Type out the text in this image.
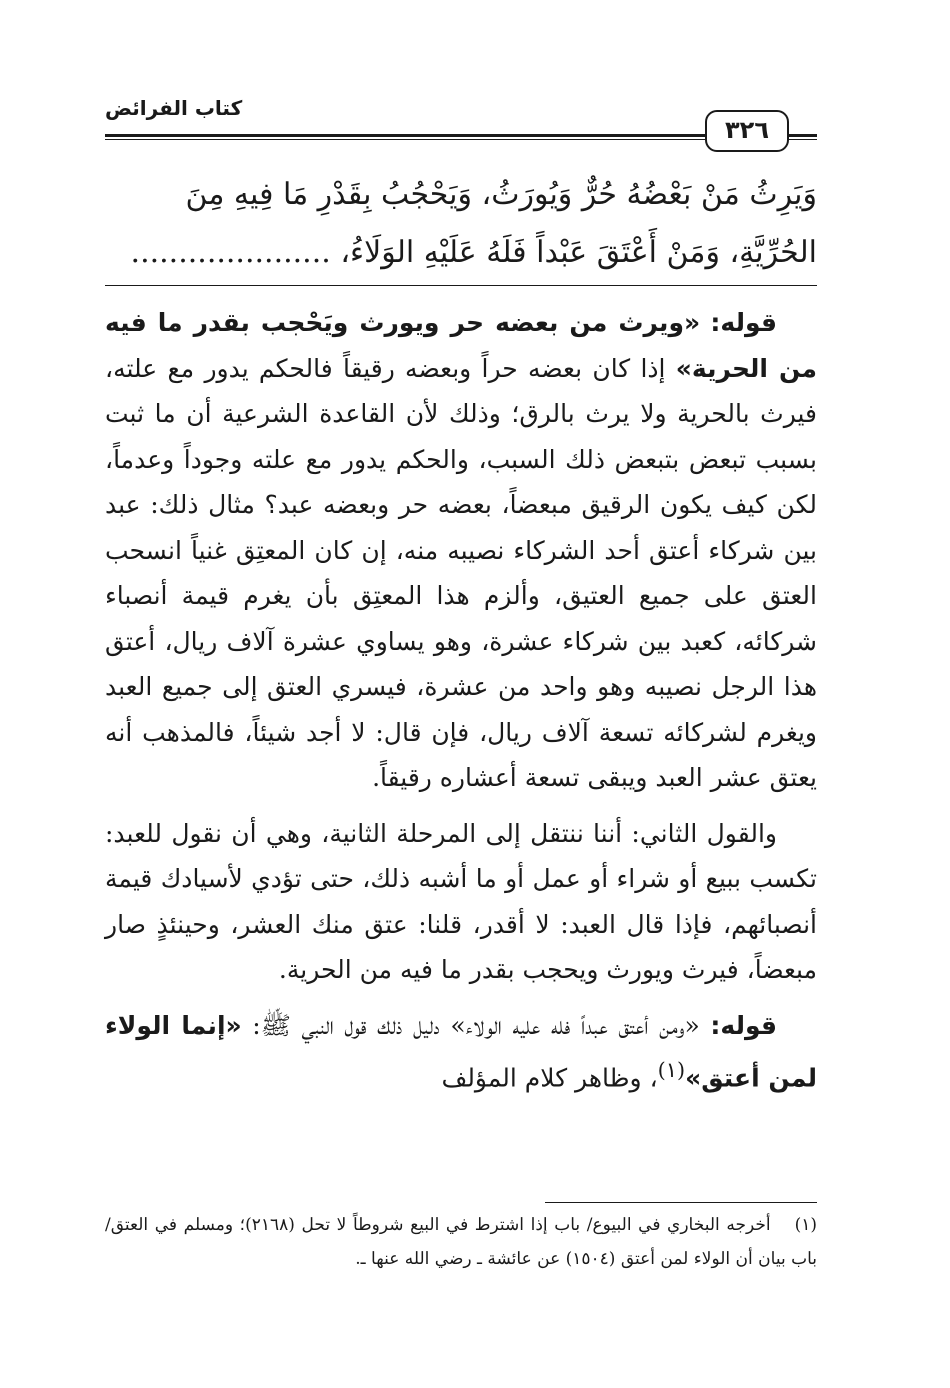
كتاب الفرائض
٣٢٦
وَيَرِثُ مَنْ بَعْضُهُ حُرٌّ وَيُورَثُ، وَيَحْجُبُ بِقَدْرِ مَا فِيهِ مِنَ
الحُرِّيَّةِ، وَمَنْ أَعْتَقَ عَبْداً فَلَهُ عَلَيْهِ الوَلَاءُ، .....................

قوله: «ويرث من بعضه حر ويورث ويَحْجب بقدر ما فيه من الحرية» إذا كان بعضه حراً وبعضه رقيقاً فالحكم يدور مع علته، فيرث بالحرية ولا يرث بالرق؛ وذلك لأن القاعدة الشرعية أن ما ثبت بسبب تبعض بتبعض ذلك السبب، والحكم يدور مع علته وجوداً وعدماً، لكن كيف يكون الرقيق مبعضاً، بعضه حر وبعضه عبد؟ مثال ذلك: عبد بين شركاء أعتق أحد الشركاء نصيبه منه، إن كان المعتِق غنياً انسحب العتق على جميع العتيق، وألزم هذا المعتِق بأن يغرم قيمة أنصباء شركائه، كعبد بين شركاء عشرة، وهو يساوي عشرة آلاف ريال، أعتق هذا الرجل نصيبه وهو واحد من عشرة، فيسري العتق إلى جميع العبد ويغرم لشركائه تسعة آلاف ريال، فإن قال: لا أجد شيئاً، فالمذهب أنه يعتق عشر العبد ويبقى تسعة أعشاره رقيقاً.

والقول الثاني: أننا ننتقل إلى المرحلة الثانية، وهي أن نقول للعبد: تكسب ببيع أو شراء أو عمل أو ما أشبه ذلك، حتى تؤدي لأسيادك قيمة أنصبائهم، فإذا قال العبد: لا أقدر، قلنا: عتق منك العشر، وحينئذٍ صار مبعضاً، فيرث ويورث ويحجب بقدر ما فيه من الحرية.

قوله: «ومن أعتق عبداً فله عليه الولاء» دليل ذلك قول النبي ﷺ: «إنما الولاء لمن أعتق»$^{(١)}$، وظاهر كلام المؤلف

(١)أخرجه البخاري في البيوع/ باب إذا اشترط في البيع شروطاً لا تحل (٢١٦٨)؛ ومسلم في العتق/ باب بيان أن الولاء لمن أعتق (١٥٠٤) عن عائشة ـ رضي الله عنها ـ.
